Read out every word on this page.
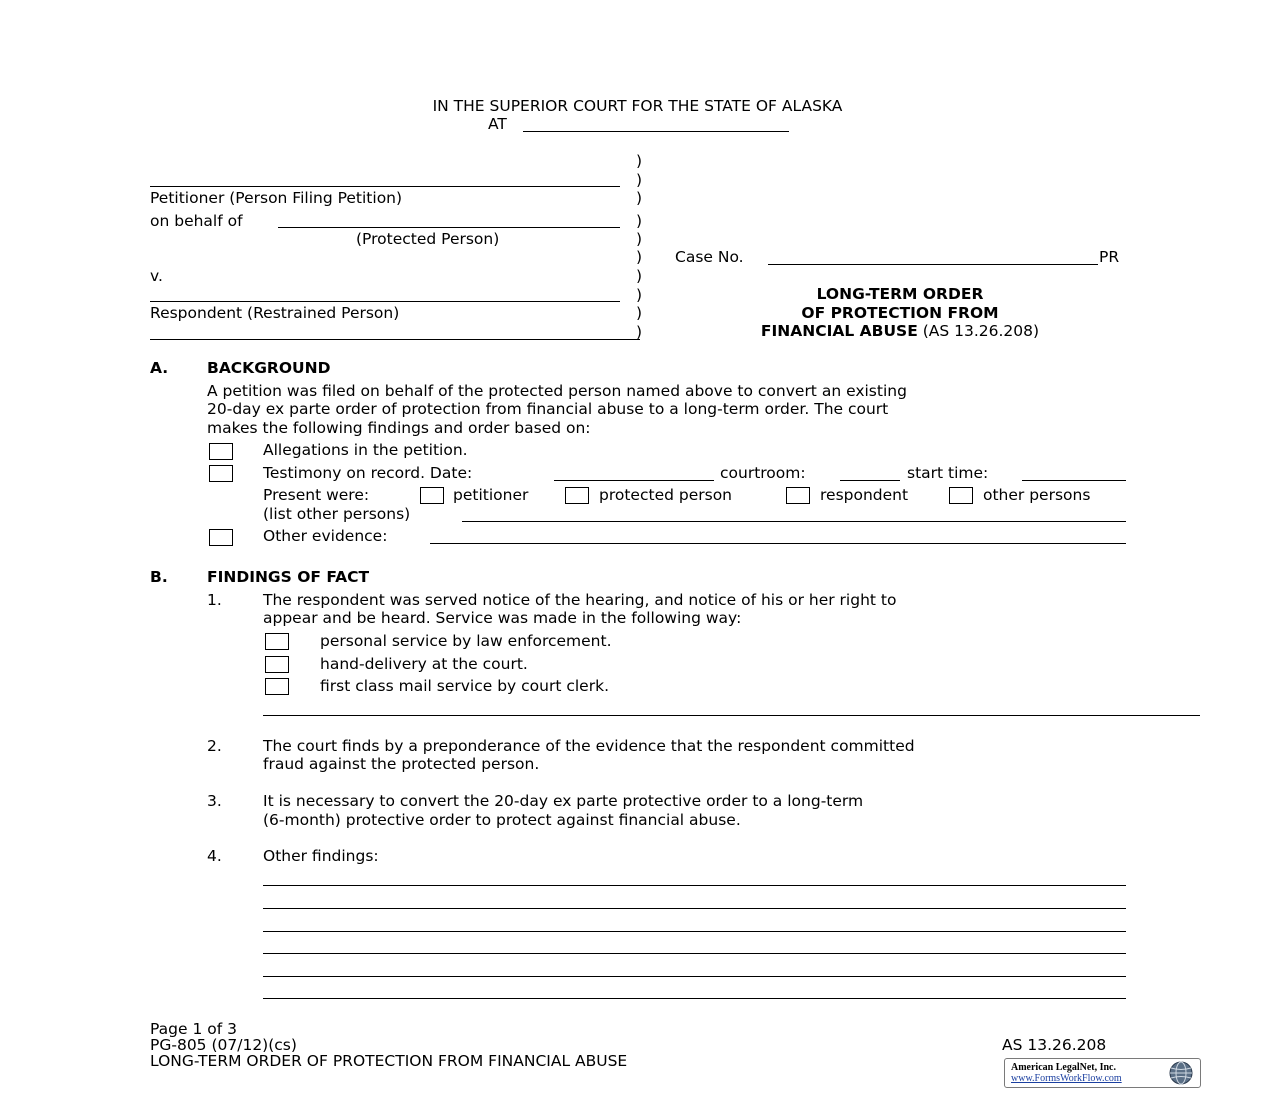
IN THE SUPERIOR COURT FOR THE STATE OF ALASKA
AT
)
)
)
)
)
)
)
)
)
)
Petitioner (Person Filing Petition)
on behalf of
(Protected Person)
v.
Respondent (Restrained Person)
Case No.	PR
LONG-TERM ORDER
OF PROTECTION FROM
FINANCIAL ABUSE (AS 13.26.208)
A.	BACKGROUND
A petition was filed on behalf of the protected person named above to convert an existing
20-day ex parte order of protection from financial abuse to a long-term order. The court
makes the following findings and order based on:
Allegations in the petition.
Testimony on record. Date:	courtroom:	start time:
Present were:	petitioner	protected person	respondent	other persons
(list other persons)
Other evidence:
B.	FINDINGS OF FACT
1.	The respondent was served notice of the hearing, and notice of his or her right to
appear and be heard. Service was made in the following way:
personal service by law enforcement.
hand-delivery at the court.
first class mail service by court clerk.
2.	The court finds by a preponderance of the evidence that the respondent committed
fraud against the protected person.
3.	It is necessary to convert the 20-day ex parte protective order to a long-term
(6-month) protective order to protect against financial abuse.
4.	Other findings:
Page 1 of 3
PG-805 (07/12)(cs)
LONG-TERM ORDER OF PROTECTION FROM FINANCIAL ABUSE
AS 13.26.208
American LegalNet, Inc.
www.FormsWorkFlow.com
